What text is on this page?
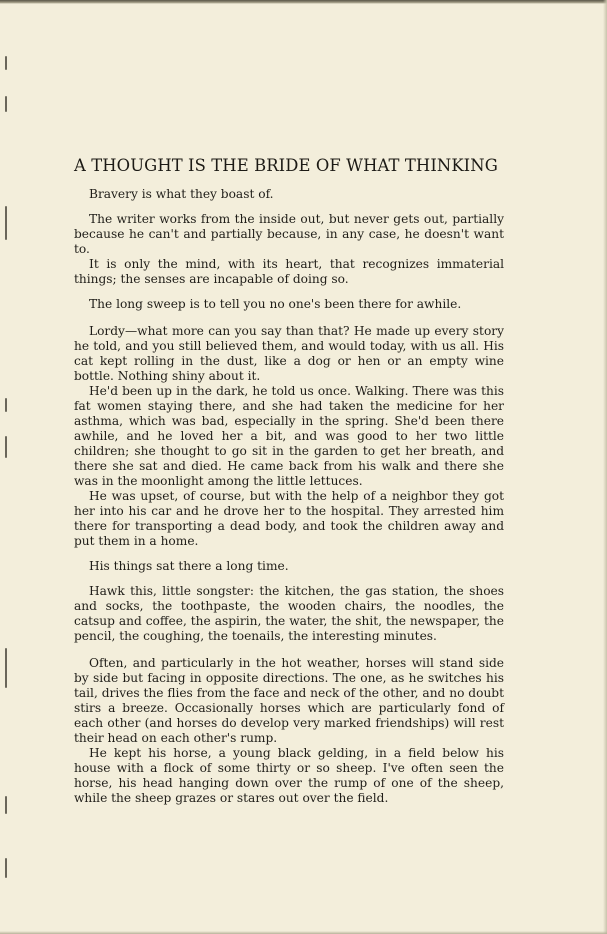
A THOUGHT IS THE BRIDE OF WHAT THINKING

Bravery is what they boast of.

The writer works from the inside out, but never gets out, partially because he can't and partially because, in any case, he doesn't want to.

It is only the mind, with its heart, that recognizes immaterial things; the senses are incapable of doing so.

The long sweep is to tell you no one's been there for awhile.

Lordy—what more can you say than that? He made up every story he told, and you still believed them, and would today, with us all. His cat kept rolling in the dust, like a dog or hen or an empty wine bottle. Nothing shiny about it.

He'd been up in the dark, he told us once. Walking. There was this fat women staying there, and she had taken the medicine for her asthma, which was bad, especially in the spring. She'd been there awhile, and he loved her a bit, and was good to her two little children; she thought to go sit in the garden to get her breath, and there she sat and died. He came back from his walk and there she was in the moonlight among the little lettuces.

He was upset, of course, but with the help of a neighbor they got her into his car and he drove her to the hospital. They arrested him there for transporting a dead body, and took the children away and put them in a home.

His things sat there a long time.

Hawk this, little songster: the kitchen, the gas station, the shoes and socks, the toothpaste, the wooden chairs, the noodles, the catsup and coffee, the aspirin, the water, the shit, the newspaper, the pencil, the coughing, the toenails, the interesting minutes.

Often, and particularly in the hot weather, horses will stand side by side but facing in opposite directions. The one, as he switches his tail, drives the flies from the face and neck of the other, and no doubt stirs a breeze. Occasionally horses which are particularly fond of each other (and horses do develop very marked friendships) will rest their head on each other's rump.

He kept his horse, a young black gelding, in a field below his house with a flock of some thirty or so sheep. I've often seen the horse, his head hanging down over the rump of one of the sheep, while the sheep grazes or stares out over the field.
